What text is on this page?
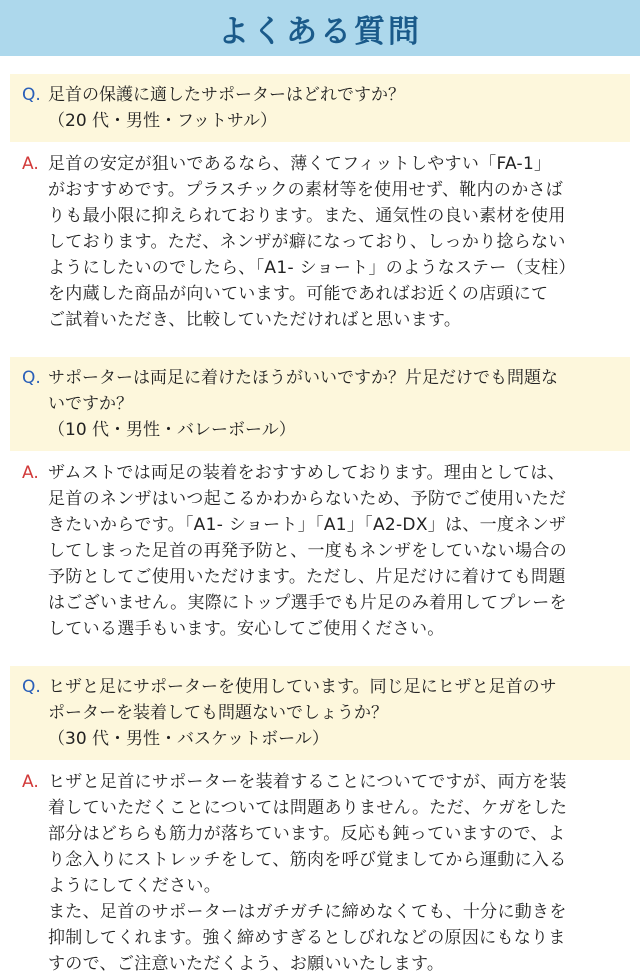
よくある質問
Q. 足首の保護に適したサポーターはどれですか？
（20 代・男性・フットサル）
A. 足首の安定が狙いであるなら、薄くてフィットしやすい「FA-1」
がおすすめです。プラスチックの素材等を使用せず、靴内のかさば
りも最小限に抑えられております。また、通気性の良い素材を使用
しております。ただ、ネンザが癖になっており、しっかり捻らない
ようにしたいのでしたら、「A1- ショート」のようなステー（支柱）
を内蔵した商品が向いています。可能であればお近くの店頭にて
ご試着いただき、比較していただければと思います。
Q. サポーターは両足に着けたほうがいいですか？片足だけでも問題な
いですか？
（10 代・男性・バレーボール）
A. ザムストでは両足の装着をおすすめしております。理由としては、
足首のネンザはいつ起こるかわからないため、予防でご使用いただ
きたいからです。「A1- ショート」「A1」「A2-DX」は、一度ネンザ
してしまった足首の再発予防と、一度もネンザをしていない場合の
予防としてご使用いただけます。ただし、片足だけに着けても問題
はございません。実際にトップ選手でも片足のみ着用してプレーを
している選手もいます。安心してご使用ください。
Q. ヒザと足にサポーターを使用しています。同じ足にヒザと足首のサ
ポーターを装着しても問題ないでしょうか？
（30 代・男性・バスケットボール）
A. ヒザと足首にサポーターを装着することについてですが、両方を装
着していただくことについては問題ありません。ただ、ケガをした
部分はどちらも筋力が落ちています。反応も鈍っていますので、よ
り念入りにストレッチをして、筋肉を呼び覚ましてから運動に入る
ようにしてください。
また、足首のサポーターはガチガチに締めなくても、十分に動きを
抑制してくれます。強く締めすぎるとしびれなどの原因にもなりま
すので、ご注意いただくよう、お願いいたします。
